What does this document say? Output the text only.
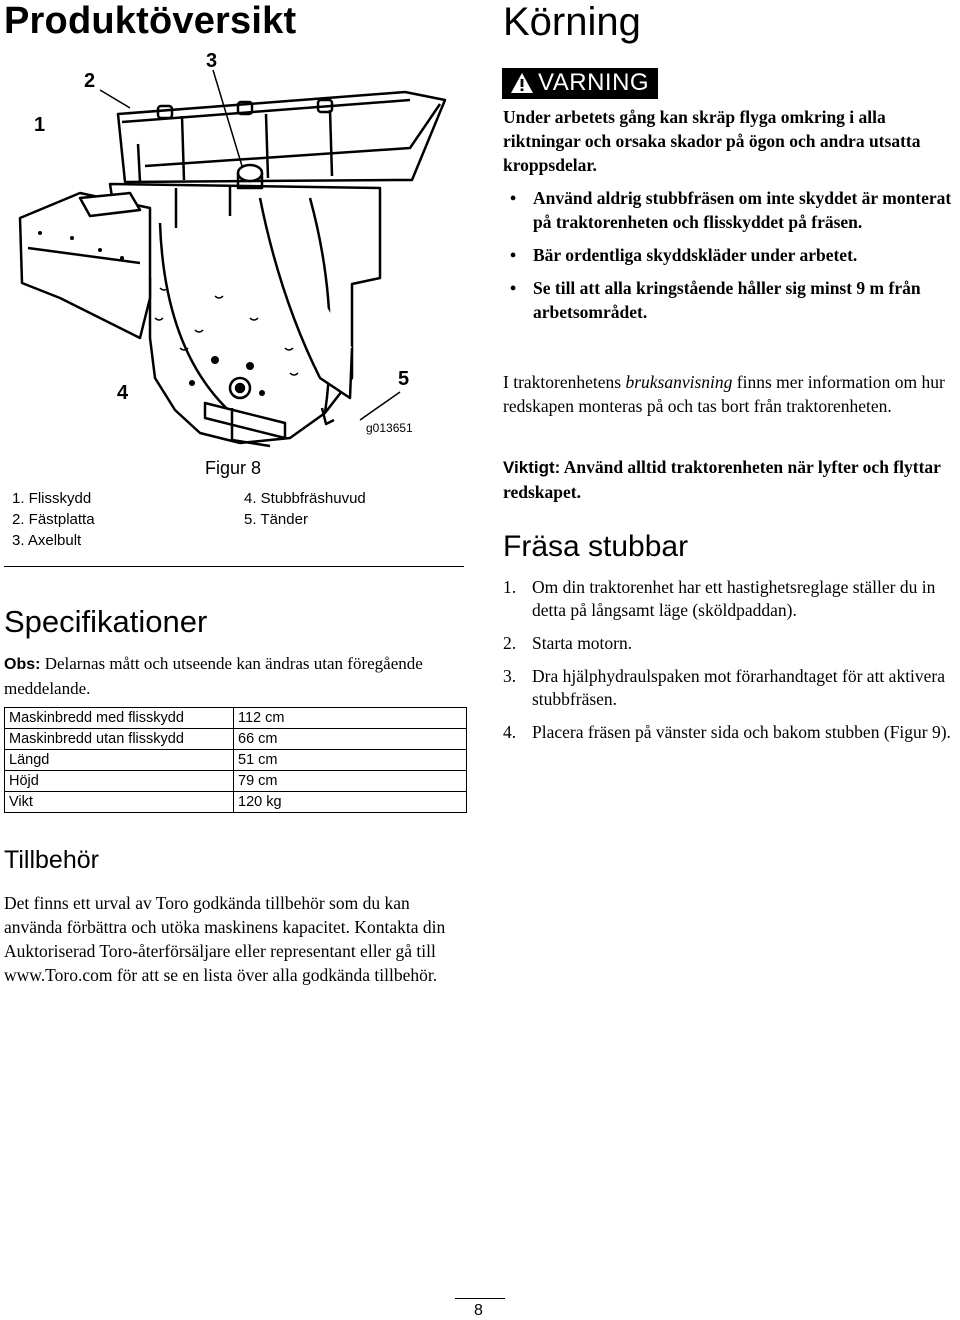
Produktöversikt
1
2
3
4
5
g013651
Figur 8
1. Flisskydd
2. Fästplatta
3. Axelbult
4. Stubbfräshuvud
5. Tänder
Specifikationer
Obs: Delarnas mått och utseende kan ändras utan föregående meddelande.
Maskinbredd med flisskydd	112 cm
Maskinbredd utan flisskydd	66 cm
Längd	51 cm
Höjd	79 cm
Vikt	120 kg
Tillbehör
Det finns ett urval av Toro godkända tillbehör som du kan använda förbättra och utöka maskinens kapacitet. Kontakta din Auktoriserad Toro-återförsäljare eller representant eller gå till www.Toro.com för att se en lista över alla godkända tillbehör.
Körning
VARNING
Under arbetets gång kan skräp flyga omkring i alla riktningar och orsaka skador på ögon och andra utsatta kroppsdelar.
• Använd aldrig stubbfräsen om inte skyddet är monterat på traktorenheten och flisskyddet på fräsen.
• Bär ordentliga skyddskläder under arbetet.
• Se till att alla kringstående håller sig minst 9 m från arbetsområdet.
I traktorenhetens bruksanvisning finns mer information om hur redskapen monteras på och tas bort från traktorenheten.
Viktigt: Använd alltid traktorenheten när lyfter och flyttar redskapet.
Fräsa stubbar
1. Om din traktorenhet har ett hastighetsreglage ställer du in detta på långsamt läge (sköldpaddan).
2. Starta motorn.
3. Dra hjälphydraulspaken mot förarhandtaget för att aktivera stubbfräsen.
4. Placera fräsen på vänster sida och bakom stubben (Figur 9).
8
